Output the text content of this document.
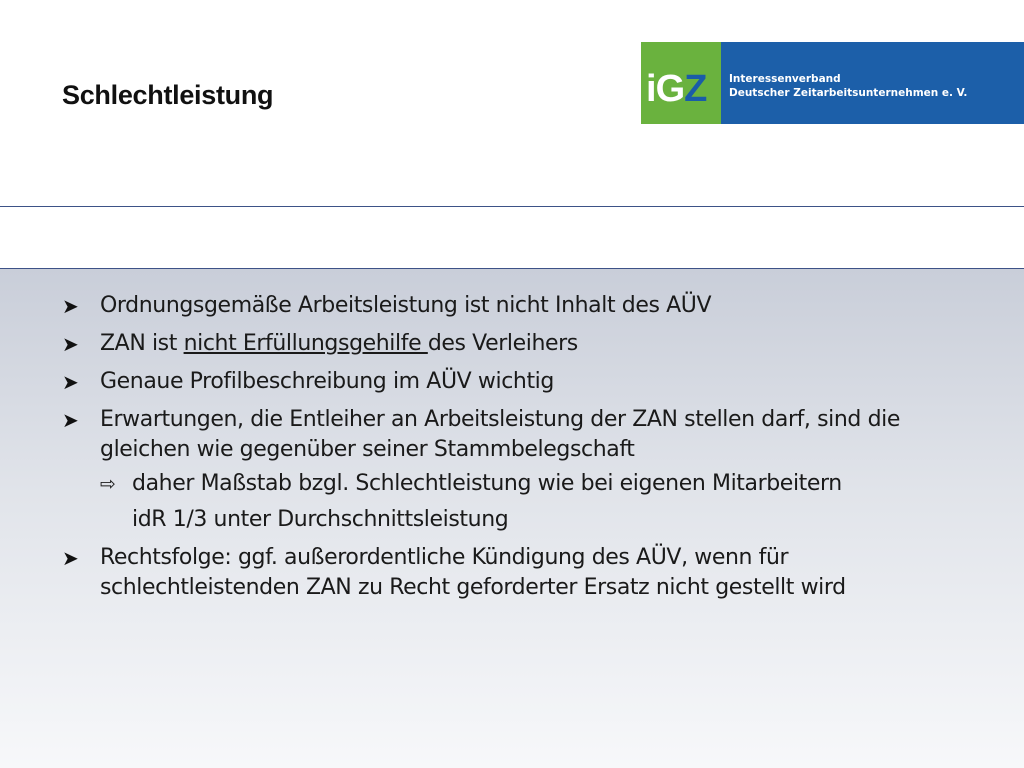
Schlechtleistung	iGZ Interessenverband
Deutscher Zeitarbeitsunternehmen e. V.
➤ Ordnungsgemäße Arbeitsleistung ist nicht Inhalt des AÜV
➤ ZAN ist nicht Erfüllungsgehilfe des Verleihers
➤ Genaue Profilbeschreibung im AÜV wichtig
➤ Erwartungen, die Entleiher an Arbeitsleistung der ZAN stellen darf, sind die gleichen wie gegenüber seiner Stammbelegschaft
⇨ daher Maßstab bzgl. Schlechtleistung wie bei eigenen Mitarbeitern
idR 1/3 unter Durchschnittsleistung
➤ Rechtsfolge: ggf. außerordentliche Kündigung des AÜV, wenn für schlechtleistenden ZAN zu Recht geforderter Ersatz nicht gestellt wird
